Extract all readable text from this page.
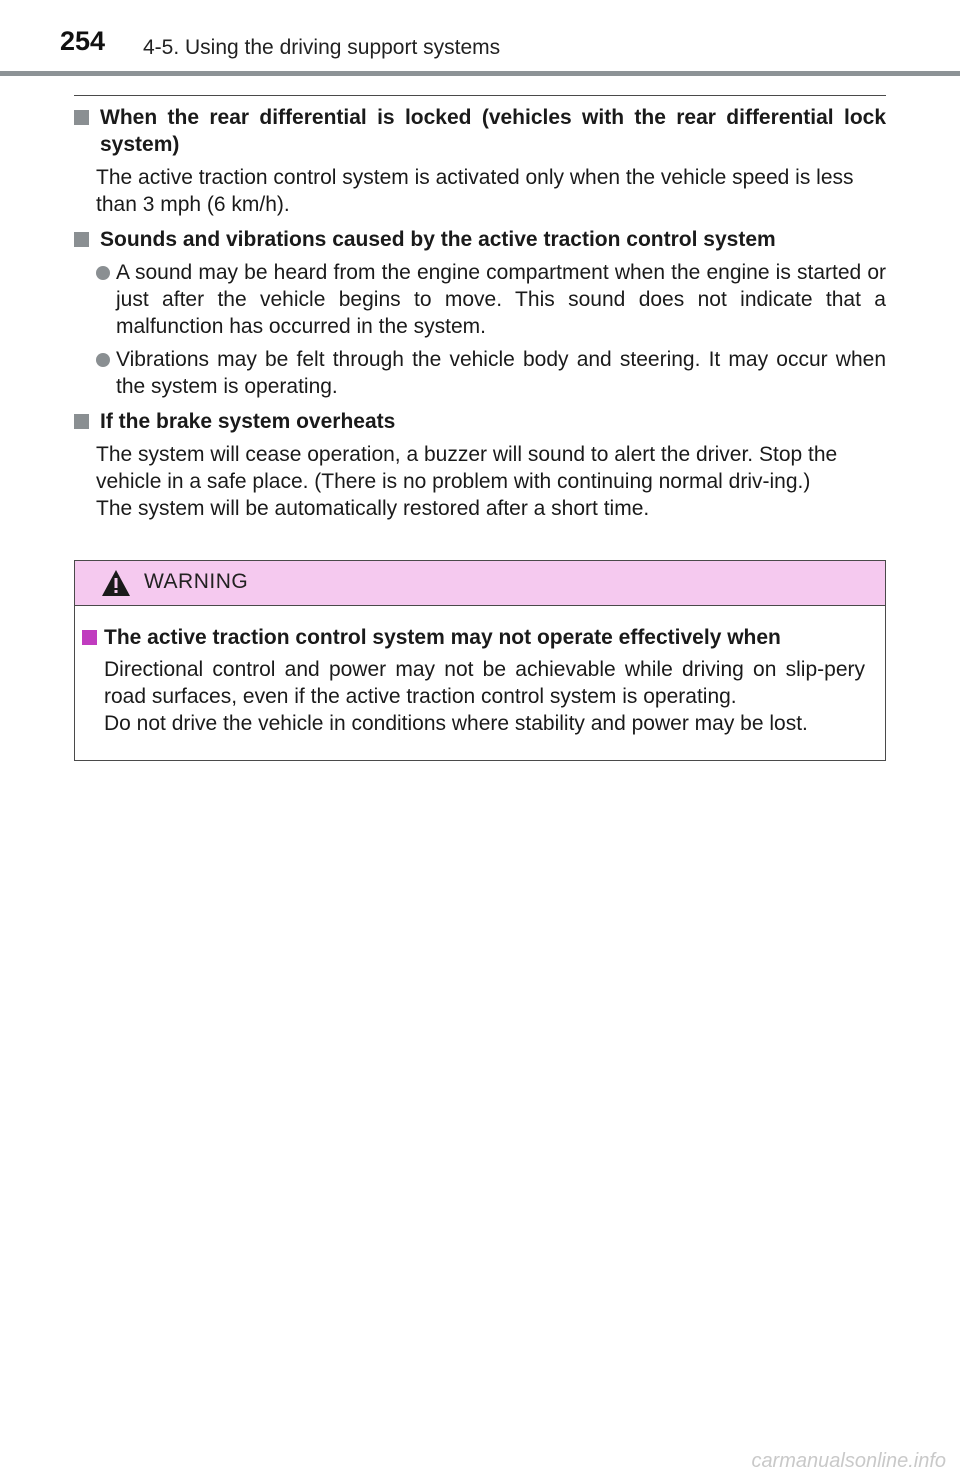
254 4-5. Using the driving support systems
When the rear differential is locked (vehicles with the rear differential lock system)
The active traction control system is activated only when the vehicle speed is less than 3 mph (6 km/h).
Sounds and vibrations caused by the active traction control system
A sound may be heard from the engine compartment when the engine is started or just after the vehicle begins to move. This sound does not indicate that a malfunction has occurred in the system.
Vibrations may be felt through the vehicle body and steering. It may occur when the system is operating.
If the brake system overheats
The system will cease operation, a buzzer will sound to alert the driver. Stop the vehicle in a safe place. (There is no problem with continuing normal driv-ing.)
The system will be automatically restored after a short time.
WARNING
The active traction control system may not operate effectively when
Directional control and power may not be achievable while driving on slip-pery road surfaces, even if the active traction control system is operating.
Do not drive the vehicle in conditions where stability and power may be lost.
carmanualsonline.info
